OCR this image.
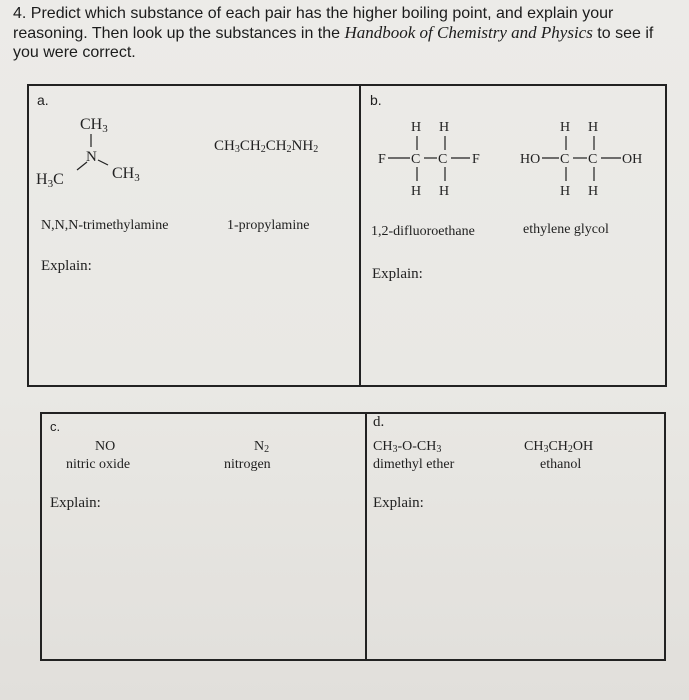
4. Predict which substance of each pair has the higher boiling point, and explain your reasoning. Then look up the substances in the Handbook of Chemistry and Physics to see if you were correct.

a.
CH3
N
H3C	CH3
$CH_3CH_2CH_2NH_2$
N,N,N-trimethylamine	1-propylamine
Explain:
b.
H H
F C C F
H H
H H
HO C C OH
H H
1,2-difluoroethane	ethylene glycol
Explain:
c.
NO
nitric oxide
$N_2$
nitrogen
Explain:
d.
$CH_3-O-CH_3$
dimethyl ether
$CH_3CH_2OH$
ethanol
Explain:
